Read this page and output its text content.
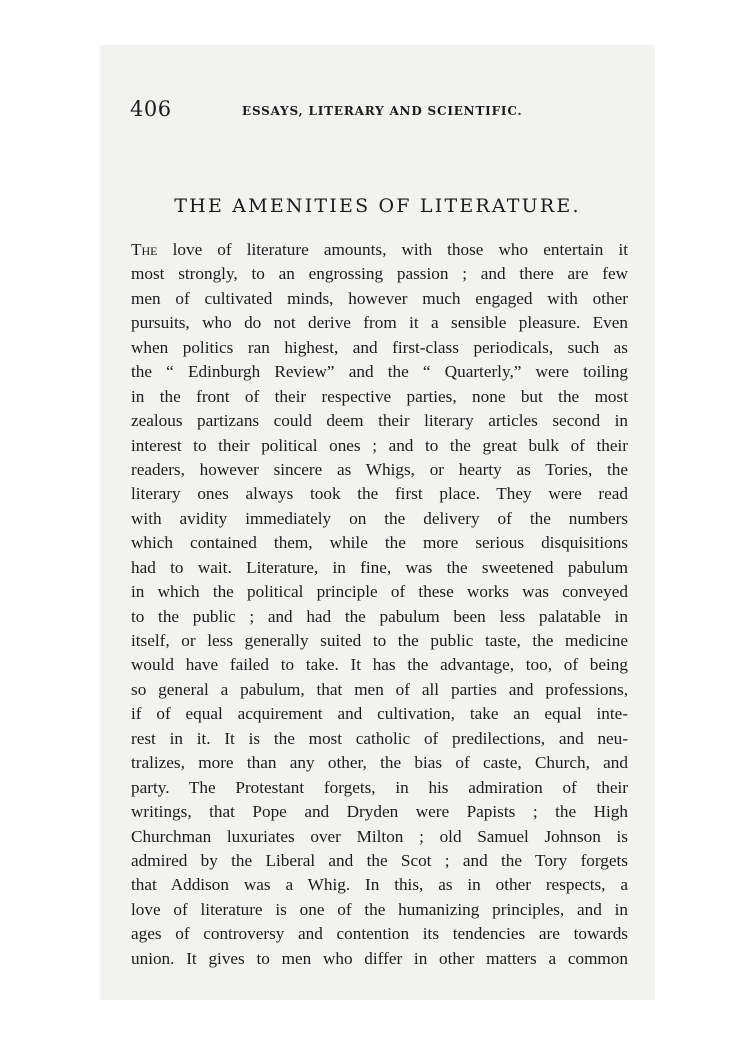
406	ESSAYS, LITERARY AND SCIENTIFIC.
THE AMENITIES OF LITERATURE.
The love of literature amounts, with those who entertain it
most strongly, to an engrossing passion ; and there are few
men of cultivated minds, however much engaged with other
pursuits, who do not derive from it a sensible pleasure. Even
when politics ran highest, and first-class periodicals, such as
the “ Edinburgh Review” and the “ Quarterly,” were toiling
in the front of their respective parties, none but the most
zealous partizans could deem their literary articles second in
interest to their political ones ; and to the great bulk of their
readers, however sincere as Whigs, or hearty as Tories, the
literary ones always took the first place. They were read
with avidity immediately on the delivery of the numbers
which contained them, while the more serious disquisitions
had to wait. Literature, in fine, was the sweetened pabulum
in which the political principle of these works was conveyed
to the public ; and had the pabulum been less palatable in
itself, or less generally suited to the public taste, the medicine
would have failed to take. It has the advantage, too, of being
so general a pabulum, that men of all parties and professions,
if of equal acquirement and cultivation, take an equal inte-
rest in it. It is the most catholic of predilections, and neu-
tralizes, more than any other, the bias of caste, Church, and
party. The Protestant forgets, in his admiration of their
writings, that Pope and Dryden were Papists ; the High
Churchman luxuriates over Milton ; old Samuel Johnson is
admired by the Liberal and the Scot ; and the Tory forgets
that Addison was a Whig. In this, as in other respects, a
love of literature is one of the humanizing principles, and in
ages of controversy and contention its tendencies are towards
union. It gives to men who differ in other matters a common
